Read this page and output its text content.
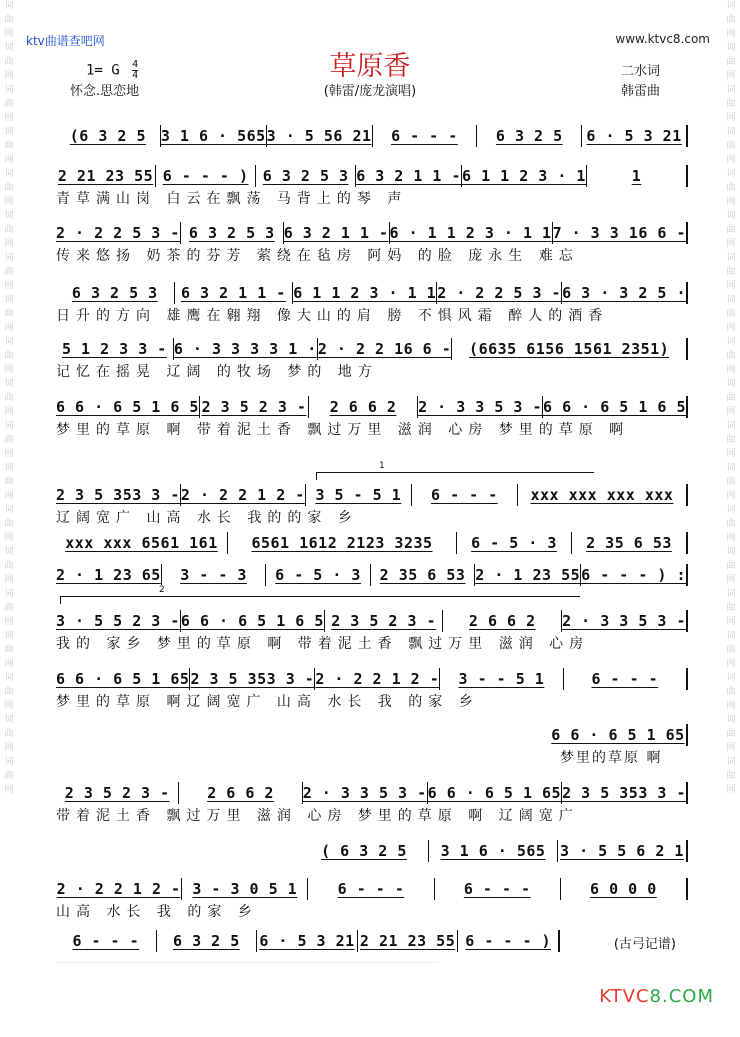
词
曲
网
词
曲
网
词
曲
网
词
曲
网
词
曲
网
词
曲
网
词
曲
网
词
曲
网
词
曲
网
词
曲
网
词
曲
网
词
曲
网
词
曲
网
词
曲
网
词
曲
网
词
曲
网
词
曲
网
词
曲
网
词
曲
网
词
曲
网
词
曲
网
词
曲
网
词
曲
网
词
曲
网
词
曲
网
词
曲
网
词
曲
网
词
曲
网
词
曲
网
词
曲
网
词
曲
网
词
曲
网
词
曲
网
词
曲
网
词
曲
网
词
曲
网
词
曲
网
词
曲
网
ktv曲谱查吧网	www.ktvc8.com
草原香
(韩雷/庞龙演唱)
1= G $\frac{4}{4}$
怀念.思恋地
二水词
韩雷曲
(6 3 2 5 3 1 6 · 565 3 · 5 56 21	6 - - -	6 3 2 5	6 · 5 3 21
2 21 23 55 6 - - - ) 6 3 2 5 3 6 3 2 1 1 - 6 1 1 2 3 · 1	1
青草满山岗 白云在飘荡 马背上的琴 声
2 · 2 2 5 3 - 6 3 2 5 3 6 3 2 1 1 - 6 · 1 1 2 3 · 1 1 7 · 3 3 16 6 -
传来悠扬 奶茶的芬芳 萦绕在毡房 阿妈 的脸 庞永生 难忘
6 3 2 5 3	6 3 2 1 1 - 6 1 1 2 3 · 1 1 2 · 2 2 5 3 - 6 3 · 3 2 5 ·
日升的方向 雄鹰在翱翔 像大山的肩 膀 不惧风霜 醉人的酒香
5 1 2 3 3 - 6 · 3 3 3 3 1 · 2 · 2 2 16 6 -	(6635 6156 1561 2351)
记忆在摇晃 辽阔 的牧场 梦的 地方
6 6 · 6 5 1 6 5 2 3 5 2 3 -	2 6 6 2	2 · 3 3 5 3 - 6 6 · 6 5 1 6 5
梦里的草原 啊 带着泥土香 飘过万里 滋润 心房 梦里的草原 啊
1
2 3 5 353 3 - 2 · 2 2 1 2 - 3 5 - 5 1	6 - - -	xxx xxx xxx xxx
辽阔宽广 山高 水长 我的的家 乡
xxx xxx 6561 161	6561 1612 2123 3235	6 - 5 · 3	2 35 6 53
2 · 1 23 65	3 - - 3	6 - 5 · 3	2 35 6 53 2 · 1 23 55 6 - - - ) :
2
3 · 5 5 2 3 - 6 6 · 6 5 1 6 5 2 3 5 2 3 -	2 6 6 2	2 · 3 3 5 3 -
我的 家乡 梦里的草原 啊 带着泥土香 飘过万里 滋润 心房
6 6 · 6 5 1 65 2 3 5 353 3 - 2 · 2 2 1 2 -	3 - - 5 1	6 - - -
梦里的草原 啊辽阔宽广 山高 水长 我 的家 乡
6 6 · 6 5 1 65
梦里的草原 啊
2 3 5 2 3 -	2 6 6 2	2 · 3 3 5 3 - 6 6 · 6 5 1 65 2 3 5 353 3 -
带着泥土香 飘过万里 滋润 心房 梦里的草原 啊 辽阔宽广
( 6 3 2 5	3 1 6 · 565 3 · 5 5 6 2 1
2 · 2 2 1 2 - 3 - 3 0 5 1	6 - - -	6 - - -	6 0 0 0
山高 水长 我 的家 乡
6 - - -	6 3 2 5	6 · 5 3 21 2 21 23 55 6 - - - )	(古弓记谱)
KTVC8.COM
